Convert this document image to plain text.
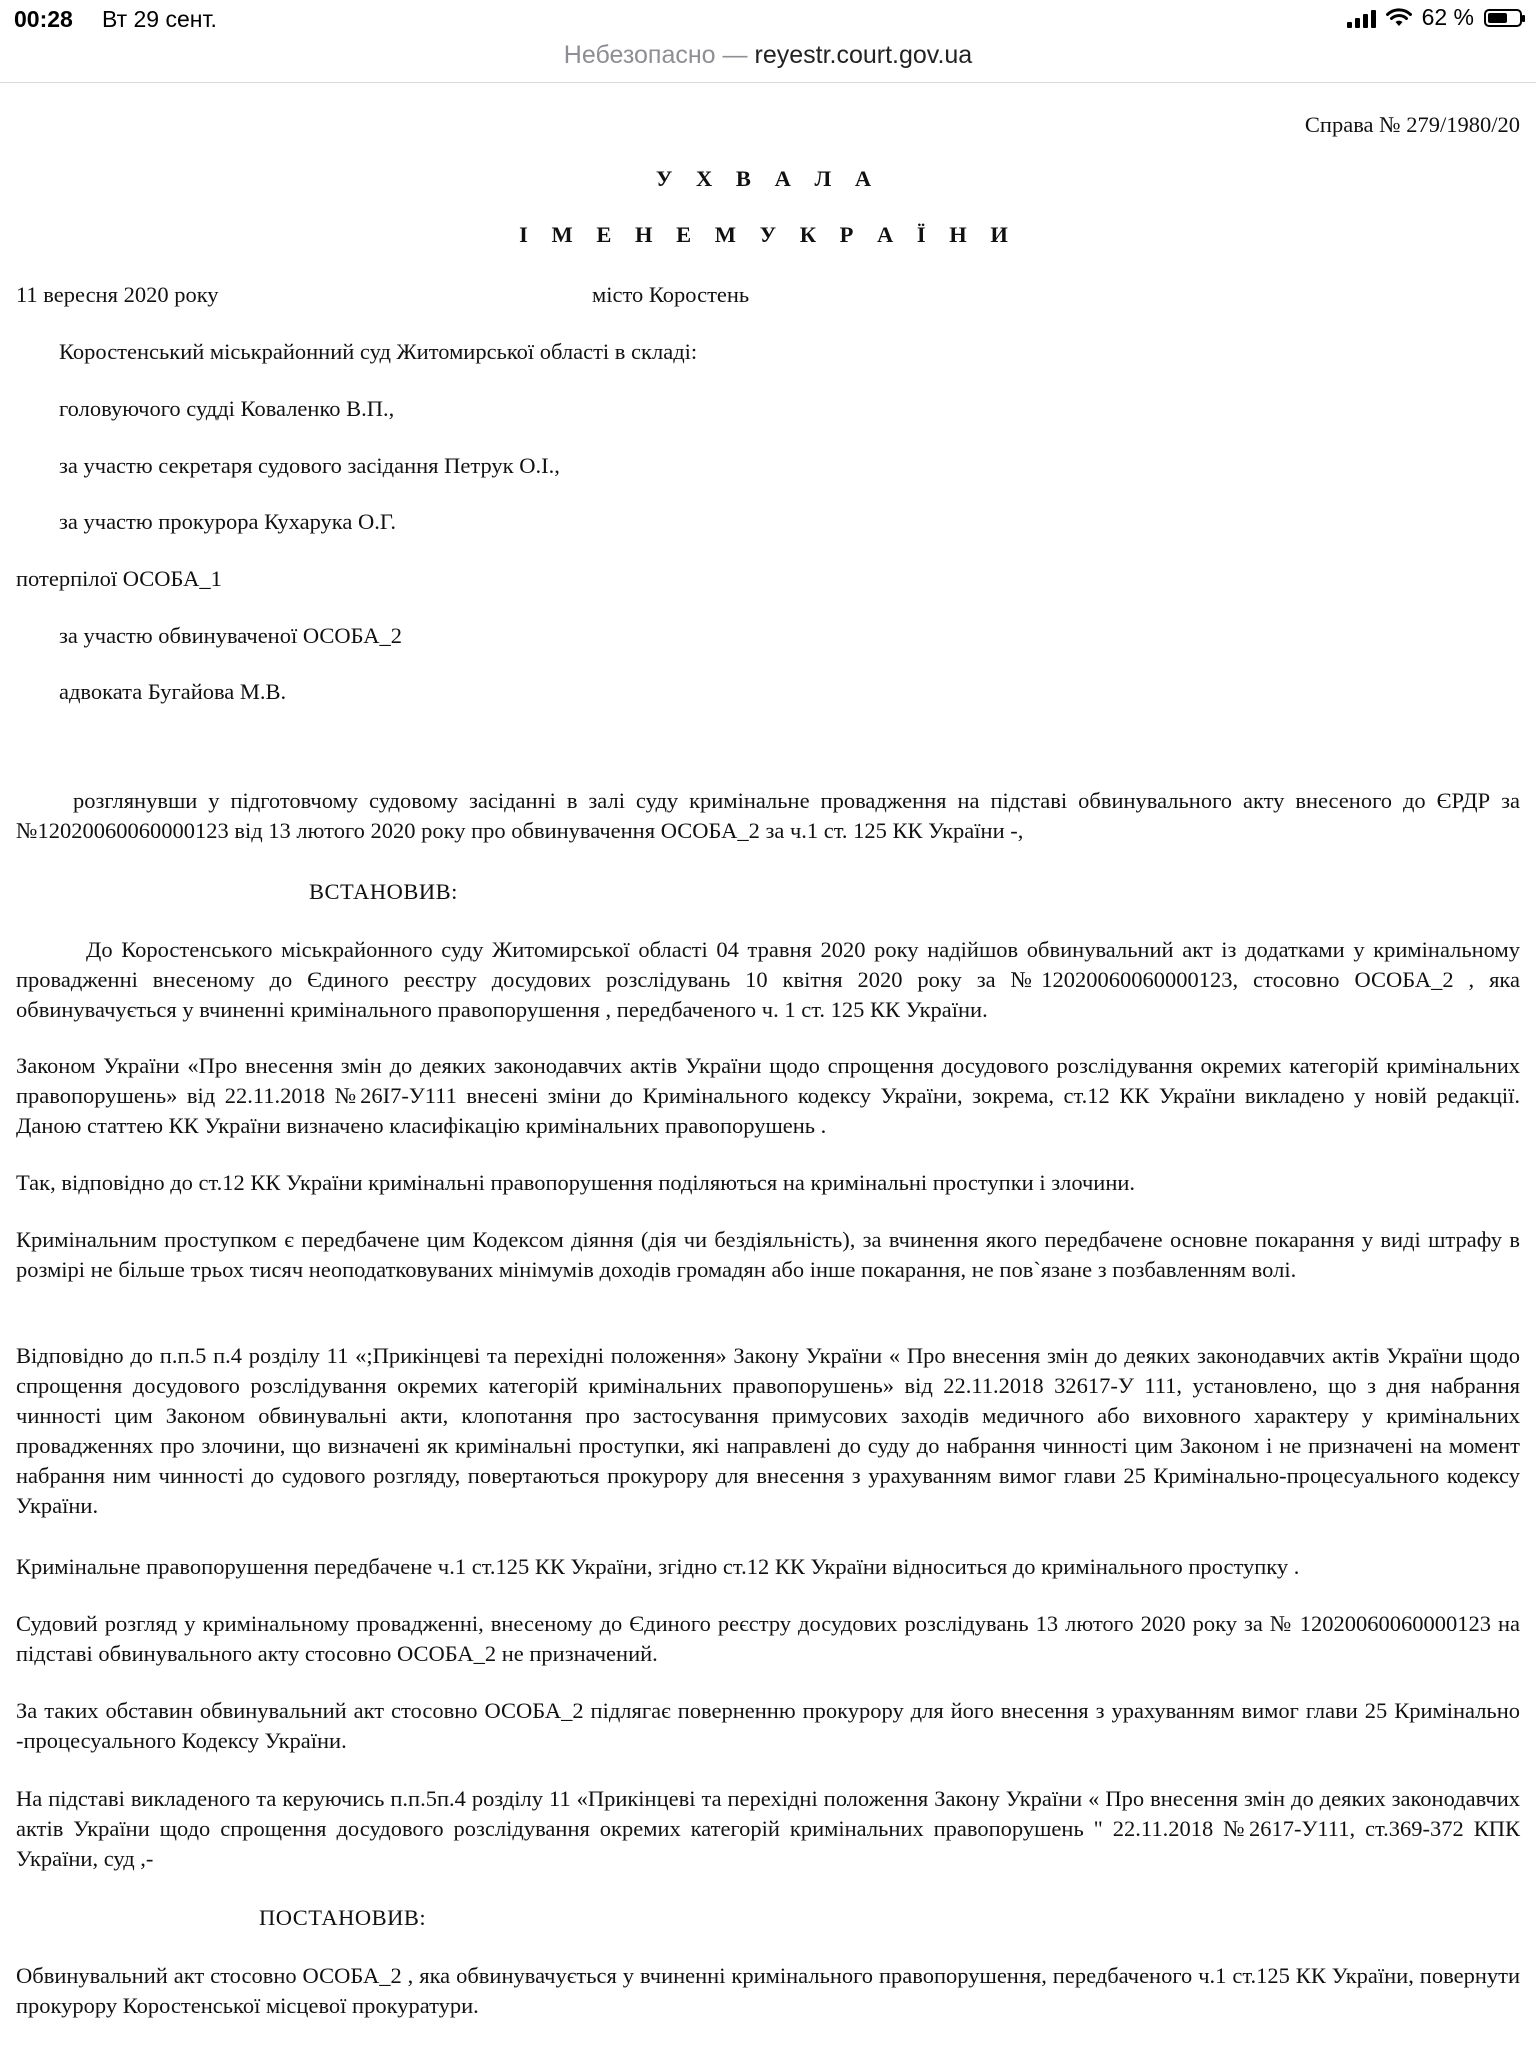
00:28 Вт 29 сент.	62 %
Небезопасно — reyestr.court.gov.ua
Справа № 279/1980/20
У Х В А Л А
І М Е Н Е М У К Р А Ї Н И
11 вересня 2020 року	місто Коростень
Коростенський міськрайонний суд Житомирської області в складі:
головуючого судді Коваленко В.П.,
за участю секретаря судового засідання Петрук О.І.,
за участю прокурора Кухарука О.Г.
потерпілої ОСОБА_1
за участю обвинуваченої ОСОБА_2
адвоката Бугайова М.В.
розглянувши у підготовчому судовому засіданні в залі суду кримінальне провадження на підставі обвинувального акту внесеного до ЄРДР за №12020060060000123 від 13 лютого 2020 року про обвинувачення ОСОБА_2 за ч.1 ст. 125 КК України -,
ВСТАНОВИВ:
До Коростенського міськрайонного суду Житомирської області 04 травня 2020 року надійшов обвинувальний акт із додатками у кримінальному провадженні внесеному до Єдиного реєстру досудових розслідувань 10 квітня 2020 року за №12020060060000123, стосовно ОСОБА_2 , яка обвинувачується у вчиненні кримінального правопорушення , передбаченого ч. 1 ст. 125 КК України.
Законом України «Про внесення змін до деяких законодавчих актів України щодо спрощення досудового розслідування окремих категорій кримінальних правопорушень» від 22.11.2018 №26І7-У111 внесені зміни до Кримінального кодексу України, зокрема, ст.12 КК України викладено у новій редакції. Даною статтею КК України визначено класифікацію кримінальних правопорушень .
Так, відповідно до ст.12 КК України кримінальні правопорушення поділяються на кримінальні проступки і злочини.
Кримінальним проступком є передбачене цим Кодексом діяння (дія чи бездіяльність), за вчинення якого передбачене основне покарання у виді штрафу в розмірі не більше трьох тисяч неоподатковуваних мінімумів доходів громадян або інше покарання, не пов`язане з позбавленням волі.
Відповідно до п.п.5 п.4 розділу 11 «;Прикінцеві та перехідні положення» Закону України « Про внесення змін до деяких законодавчих актів України щодо спрощення досудового розслідування окремих категорій кримінальних правопорушень» від 22.11.2018 32617-У 111, установлено, що з дня набрання чинності цим Законом обвинувальні акти, клопотання про застосування примусових заходів медичного або виховного характеру у кримінальних провадженнях про злочини, що визначені як кримінальні проступки, які направлені до суду до набрання чинності цим Законом і не призначені на момент набрання ним чинності до судового розгляду, повертаються прокурору для внесення з урахуванням вимог глави 25 Кримінально-процесуального кодексу України.
Кримінальне правопорушення передбачене ч.1 ст.125 КК України, згідно ст.12 КК України відноситься до кримінального проступку .
Судовий розгляд у кримінальному провадженні, внесеному до Єдиного реєстру досудових розслідувань 13 лютого 2020 року за № 12020060060000123 на підставі обвинувального акту стосовно ОСОБА_2 не призначений.
За таких обставин обвинувальний акт стосовно ОСОБА_2 підлягає поверненню прокурору для його внесення з урахуванням вимог глави 25 Кримінально -процесуального Кодексу України.
На підставі викладеного та керуючись п.п.5п.4 розділу 11 «Прикінцеві та перехідні положення Закону України « Про внесення змін до деяких законодавчих актів України щодо спрощення досудового розслідування окремих категорій кримінальних правопорушень " 22.11.2018 №2617-У111, ст.369-372 КПК України, суд ,-
ПОСТАНОВИВ:
Обвинувальний акт стосовно ОСОБА_2 , яка обвинувачується у вчиненні кримінального правопорушення, передбаченого ч.1 ст.125 КК України, повернути прокурору Коростенської місцевої прокуратури.
